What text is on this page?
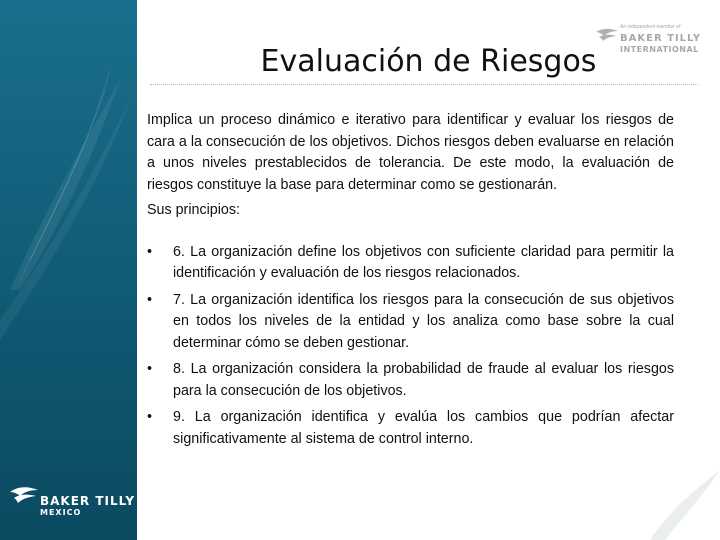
BAKER TILLY
MEXICO
An independent member of
BAKER TILLY
INTERNATIONAL
Evaluación de Riesgos

Implica un proceso dinámico e iterativo para identificar y evaluar los riesgos de cara a la consecución de los objetivos. Dichos riesgos deben evaluarse en relación a unos niveles prestablecidos de tolerancia. De este modo, la evaluación de riesgos constituye la base para determinar como se gestionarán.

Sus principios:

• 6. La organización define los objetivos con suficiente claridad para permitir la identificación y evaluación de los riesgos relacionados.
• 7. La organización identifica los riesgos para la consecución de sus objetivos en todos los niveles de la entidad y los analiza como base sobre la cual determinar cómo se deben gestionar.
• 8. La organización considera la probabilidad de fraude al evaluar los riesgos para la consecución de los objetivos.
• 9. La organización identifica y evalúa los cambios que podrían afectar significativamente al sistema de control interno.
